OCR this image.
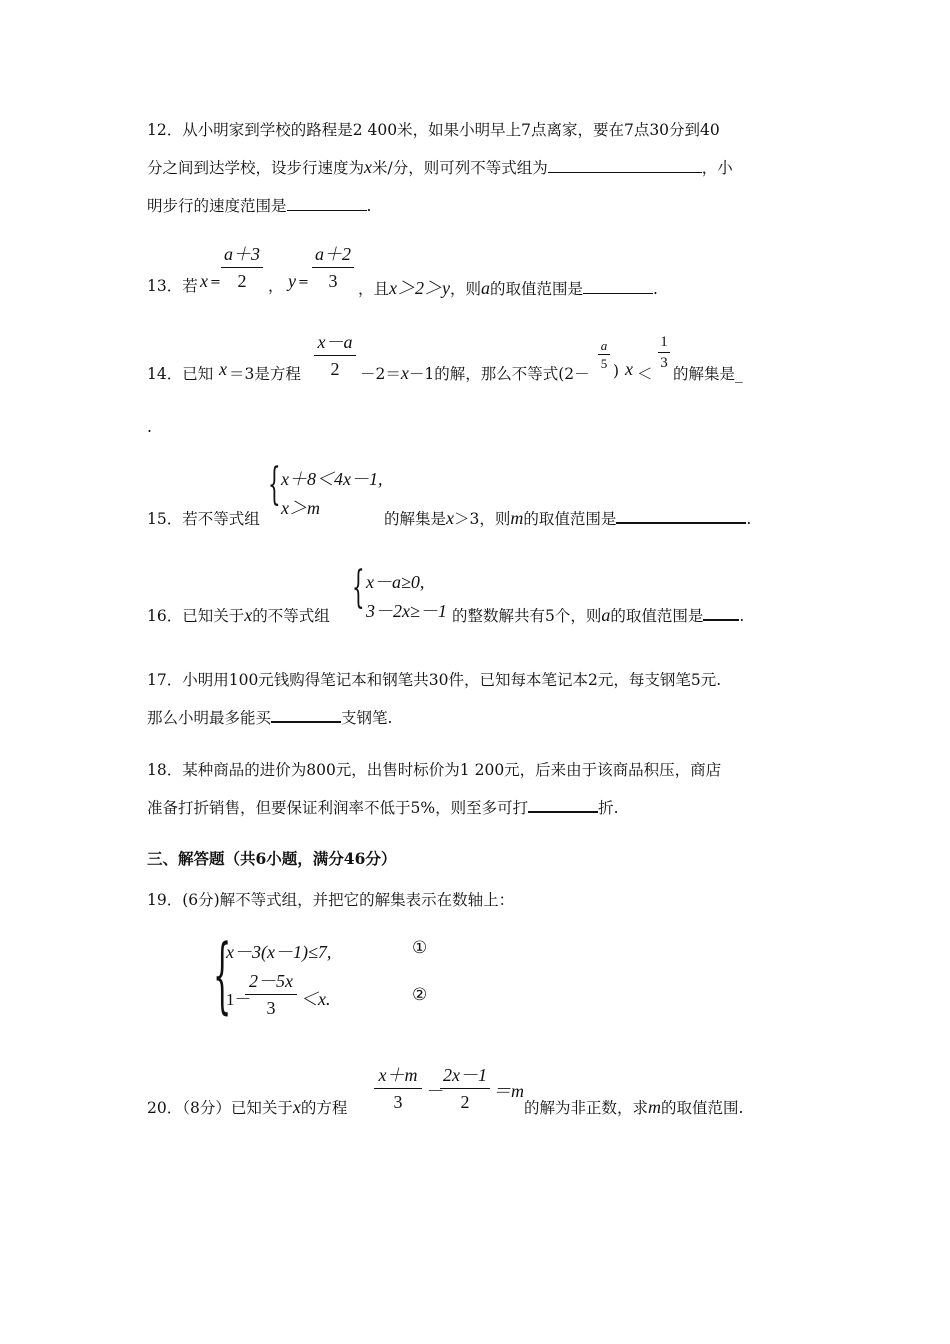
12．从小明家到学校的路程是2 400米，如果小明早上7点离家，要在7点30分到40
分之间到达学校，设步行速度为x米/分，则可列不等式组为	，小
明步行的速度范围是	.
13．若 x =
a＋3
2	， y =
a＋2
3	，且x＞2＞y，则a的取值范围是	.
14．已知 x ＝3是方程
x－a
2	－2＝x－1的解，那么不等式(2－
a
5 ) x ＜
1
3
的解集是_
.
{ x＋8＜4x－1,
x＞m
15．若不等式组	的解集是x＞3，则m的取值范围是	.
{ x－a≥0,
3－2x≥－1
16．已知关于x的不等式组	的整数解共有5个，则a的取值范围是 .
17．小明用100元钱购得笔记本和钢笔共30件，已知每本笔记本2元，每支钢笔5元.
那么小明最多能买	支钢笔.
18．某种商品的进价为800元，出售时标价为1 200元，后来由于该商品积压，商店
准备打折销售，但要保证利润率不低于5%，则至多可打	折.
三、解答题（共6小题，满分46分）
19．(6分)解不等式组，并把它的解集表示在数轴上：
{
x－3(x－1)≤7,	①
1－
2－5x
3	＜x.	②
20．（8分）已知关于x的方程
x＋m
3
－
2x－1
2
＝m
的解为非正数，求m的取值范围.
